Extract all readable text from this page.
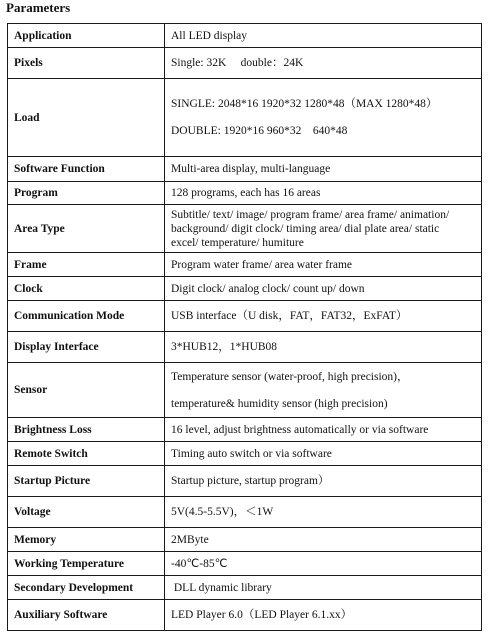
Parameters
Application	All LED display

Pixels	Single: 32K　 double：24K

Load	SINGLE: 2048*16 1920*32 1280*48（MAX 1280*48）
DOUBLE: 1920*16 960*32　640*48

Software Function	Multi-area display, multi-language

Program	128 programs, each has 16 areas

Area Type	Subtitle/ text/ image/ program frame/ area frame/ animation/
background/ digit clock/ timing area/ dial plate area/ static
excel/ temperature/ humiture

Frame	Program water frame/ area water frame

Clock	Digit clock/ analog clock/ count up/ down

Communication Mode	USB interface（U disk，FAT，FAT32，ExFAT）

Display Interface	3*HUB12，1*HUB08

Sensor	Temperature sensor (water-proof, high precision)，
temperature& humidity sensor (high precision)

Brightness Loss	16 level, adjust brightness automatically or via software

Remote Switch	Timing auto switch or via software

Startup Picture	Startup picture, startup program）

Voltage	5V(4.5-5.5V)，＜1W

Memory	2MByte

Working Temperature	-40℃-85℃

Secondary Development	DLL dynamic library

Auxiliary Software	LED Player 6.0（LED Player 6.1.xx）
